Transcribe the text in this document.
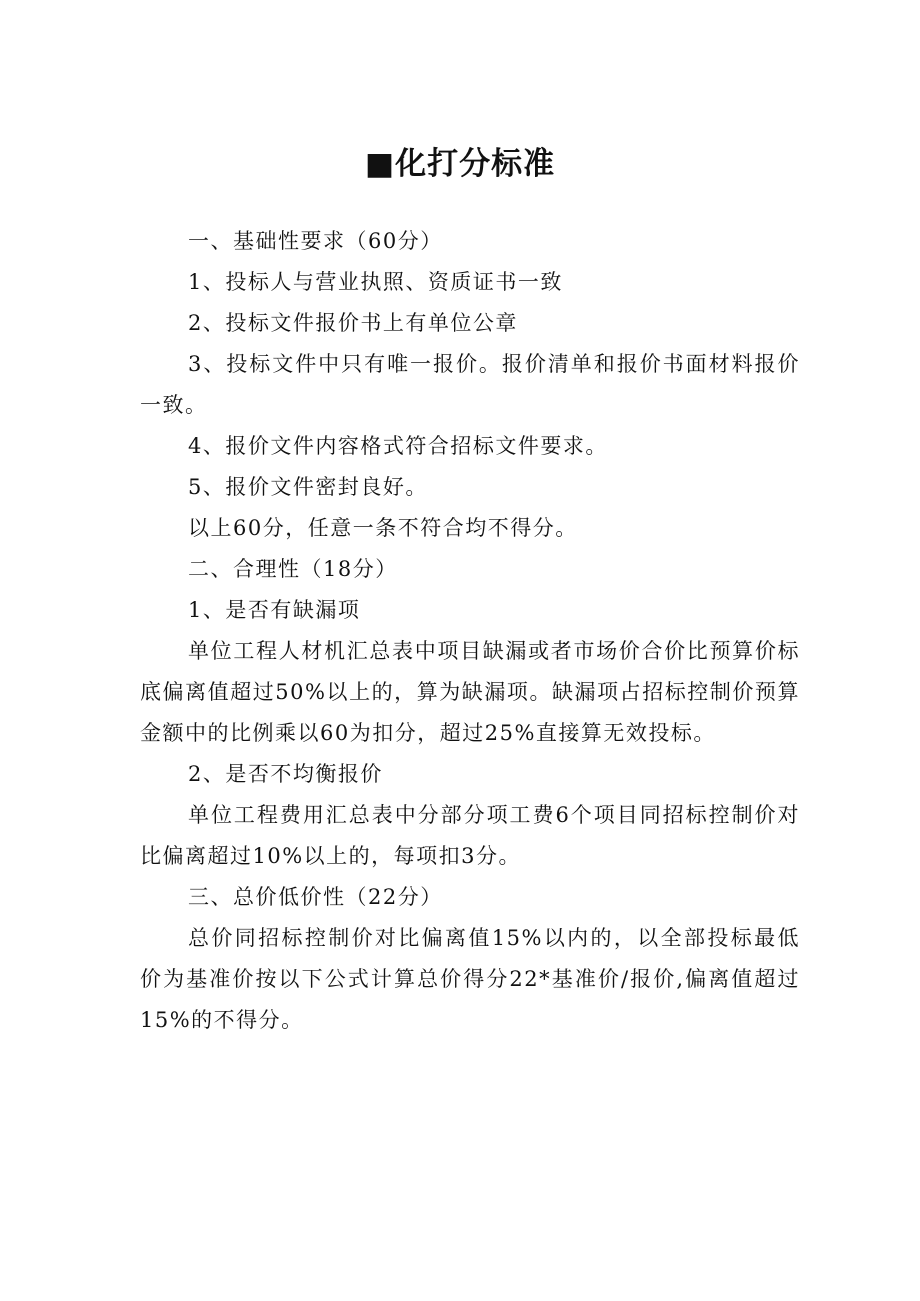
■化打分标准

一、基础性要求（60分）

1、投标人与营业执照、资质证书一致

2、投标文件报价书上有单位公章

3、投标文件中只有唯一报价。报价清单和报价书面材料报价一致。

4、报价文件内容格式符合招标文件要求。

5、报价文件密封良好。

以上60分，任意一条不符合均不得分。

二、合理性（18分）

1、是否有缺漏项

单位工程人材机汇总表中项目缺漏或者市场价合价比预算价标底偏离值超过50%以上的，算为缺漏项。缺漏项占招标控制价预算金额中的比例乘以60为扣分，超过25%直接算无效投标。

2、是否不均衡报价

单位工程费用汇总表中分部分项工费6个项目同招标控制价对比偏离超过10%以上的，每项扣3分。

三、总价低价性（22分）

总价同招标控制价对比偏离值15%以内的，以全部投标最低价为基准价按以下公式计算总价得分22*基准价/报价,偏离值超过15%的不得分。
